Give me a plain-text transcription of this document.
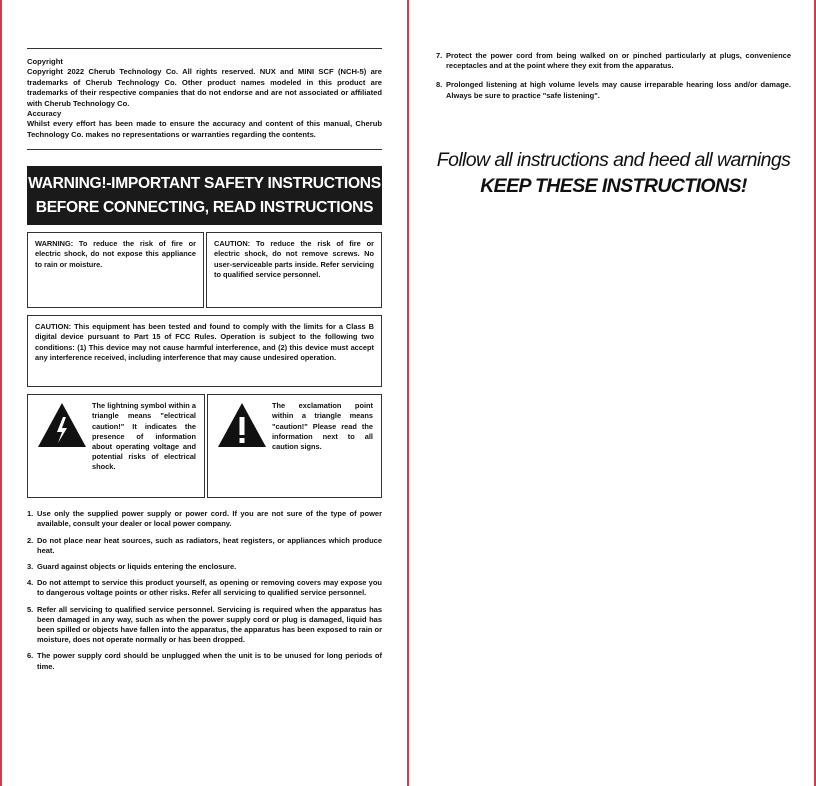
Copyright

Copyright 2022 Cherub Technology Co. All rights reserved. NUX and MINI SCF (NCH-5) are trademarks of Cherub Technology Co. Other product names modeled in this product are trademarks of their respective companies that do not endorse and are not associated or affiliated with Cherub Technology Co.

Accuracy

Whilst every effort has been made to ensure the accuracy and content of this manual, Cherub Technology Co. makes no representations or warranties regarding the contents.

WARNING!-IMPORTANT SAFETY INSTRUCTIONS
BEFORE CONNECTING, READ INSTRUCTIONS
WARNING: To reduce the risk of fire or electric shock, do not expose this appliance to rain or moisture.
CAUTION: To reduce the risk of fire or electric shock, do not remove screws. No user-serviceable parts inside. Refer servicing to qualified service personnel.
CAUTION: This equipment has been tested and found to comply with the limits for a Class B digital device pursuant to Part 15 of FCC Rules. Operation is subject to the following two conditions: (1) This device may not cause harmful interference, and (2) this device must accept any interference received, including interference that may cause undesired operation.
The lightning symbol within a triangle means "electrical caution!" It indicates the presence of information about operating voltage and potential risks of electrical shock.
The exclamation point within a triangle means "caution!" Please read the information next to all caution signs.
1. Use only the supplied power supply or power cord. If you are not sure of the type of power available, consult your dealer or local power company.
2. Do not place near heat sources, such as radiators, heat registers, or appliances which produce heat.
3. Guard against objects or liquids entering the enclosure.
4. Do not attempt to service this product yourself, as opening or removing covers may expose you to dangerous voltage points or other risks. Refer all servicing to qualified service personnel.
5. Refer all servicing to qualified service personnel. Servicing is required when the apparatus has been damaged in any way, such as when the power supply cord or plug is damaged, liquid has been spilled or objects have fallen into the apparatus, the apparatus has been exposed to rain or moisture, does not operate normally or has been dropped.
6. The power supply cord should be unplugged when the unit is to be unused for long periods of time.
7. Protect the power cord from being walked on or pinched particularly at plugs, convenience receptacles and at the point where they exit from the apparatus.
8. Prolonged listening at high volume levels may cause irreparable hearing loss and/or damage. Always be sure to practice "safe listening".
Follow all instructions and heed all warnings
KEEP THESE INSTRUCTIONS!
